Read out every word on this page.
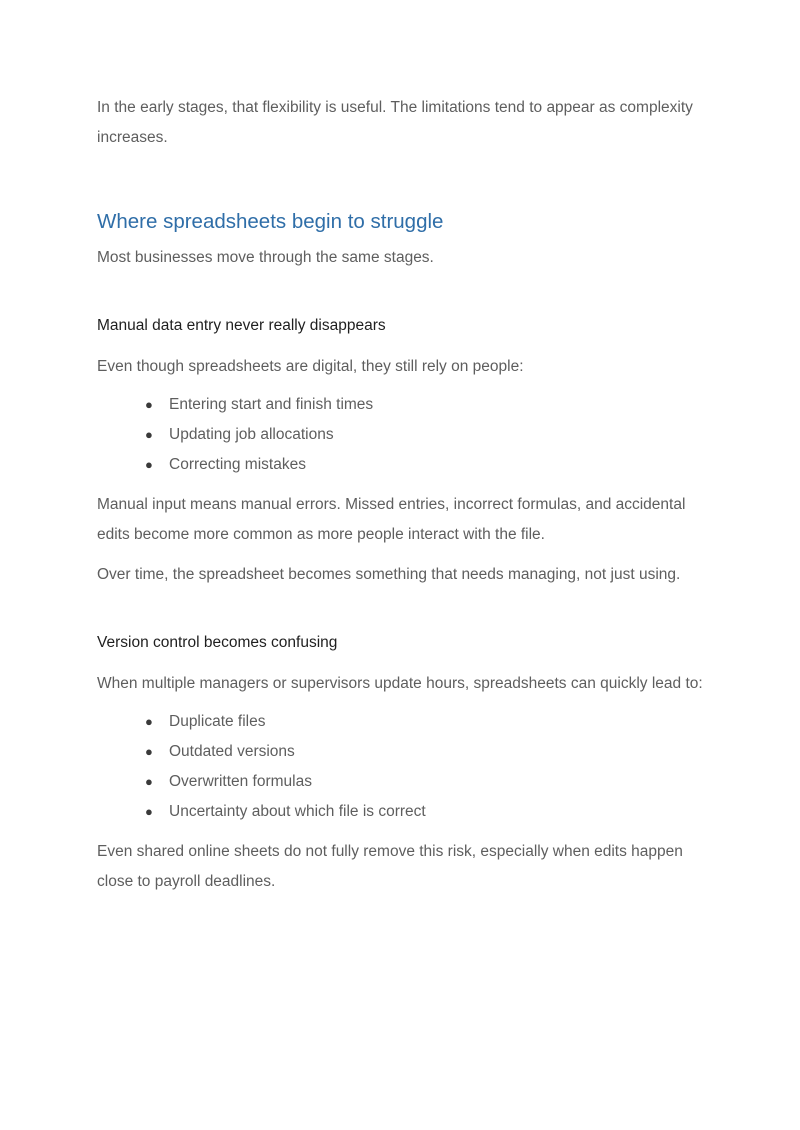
In the early stages, that flexibility is useful. The limitations tend to appear as complexity increases.

Where spreadsheets begin to struggle

Most businesses move through the same stages.

Manual data entry never really disappears

Even though spreadsheets are digital, they still rely on people:

● Entering start and finish times
● Updating job allocations
● Correcting mistakes

Manual input means manual errors. Missed entries, incorrect formulas, and accidental edits become more common as more people interact with the file.

Over time, the spreadsheet becomes something that needs managing, not just using.

Version control becomes confusing

When multiple managers or supervisors update hours, spreadsheets can quickly lead to:

● Duplicate files
● Outdated versions
● Overwritten formulas
● Uncertainty about which file is correct

Even shared online sheets do not fully remove this risk, especially when edits happen close to payroll deadlines.
